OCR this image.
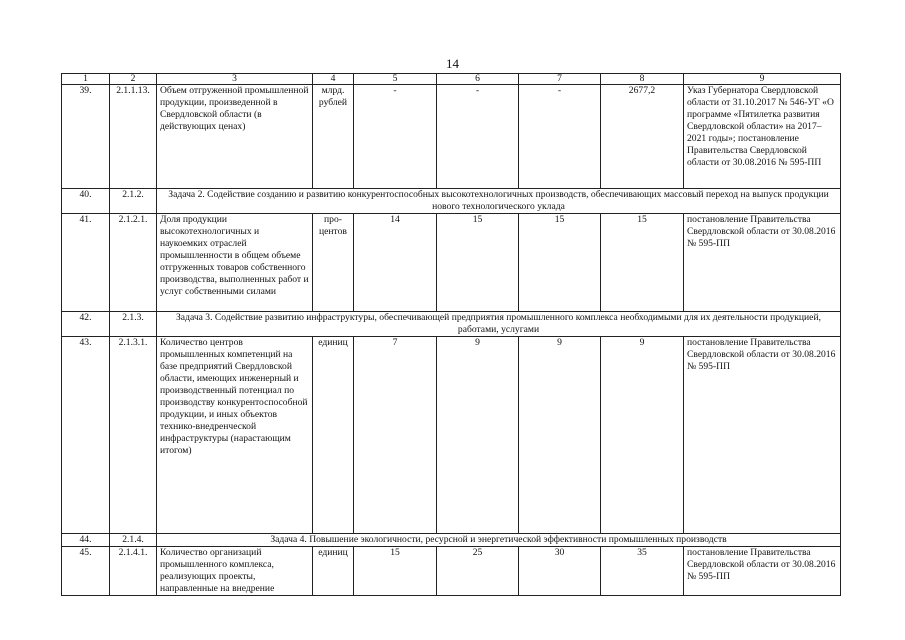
14
1	2	3	4	5	6	7	8	9
39.	2.1.1.13.	Объем отгруженной промышленной продукции, произведенной в Свердловской области (в действующих ценах)	млрд. рублей	-	-	-	2677,2	Указ Губернатора Свердловской области от 31.10.2017 № 546-УГ «О программе «Пятилетка развития Свердловской области» на 2017–2021 годы»; постановление Правительства Свердловской области от 30.08.2016 № 595-ПП
40.	2.1.2.	Задача 2. Содействие созданию и развитию конкурентоспособных высокотехнологичных производств, обеспечивающих массовый переход на выпуск продукции нового технологического уклада						
41.	2.1.2.1.	Доля продукции высокотехнологичных и наукоемких отраслей промышленности в общем объеме отгруженных товаров собственного производства, выполненных работ и услуг собственными силами	про-центов	14	15	15	15	постановление Правительства Свердловской области от 30.08.2016 № 595-ПП
42.	2.1.3.	Задача 3. Содействие развитию инфраструктуры, обеспечивающей предприятия промышленного комплекса необходимыми для их деятельности продукцией, работами, услугами						
43.	2.1.3.1.	Количество центров промышленных компетенций на базе предприятий Свердловской области, имеющих инженерный и производственный потенциал по производству конкурентоспособной продукции, и иных объектов технико-внедренческой инфраструктуры (нарастающим итогом)	единиц	7	9	9	9	постановление Правительства Свердловской области от 30.08.2016 № 595-ПП
44.	2.1.4.	Задача 4. Повышение экологичности, ресурсной и энергетической эффективности промышленных производств						
45.	2.1.4.1.	Количество организаций промышленного комплекса, реализующих проекты, направленные на внедрение	единиц	15	25	30	35	постановление Правительства Свердловской области от 30.08.2016 № 595-ПП
